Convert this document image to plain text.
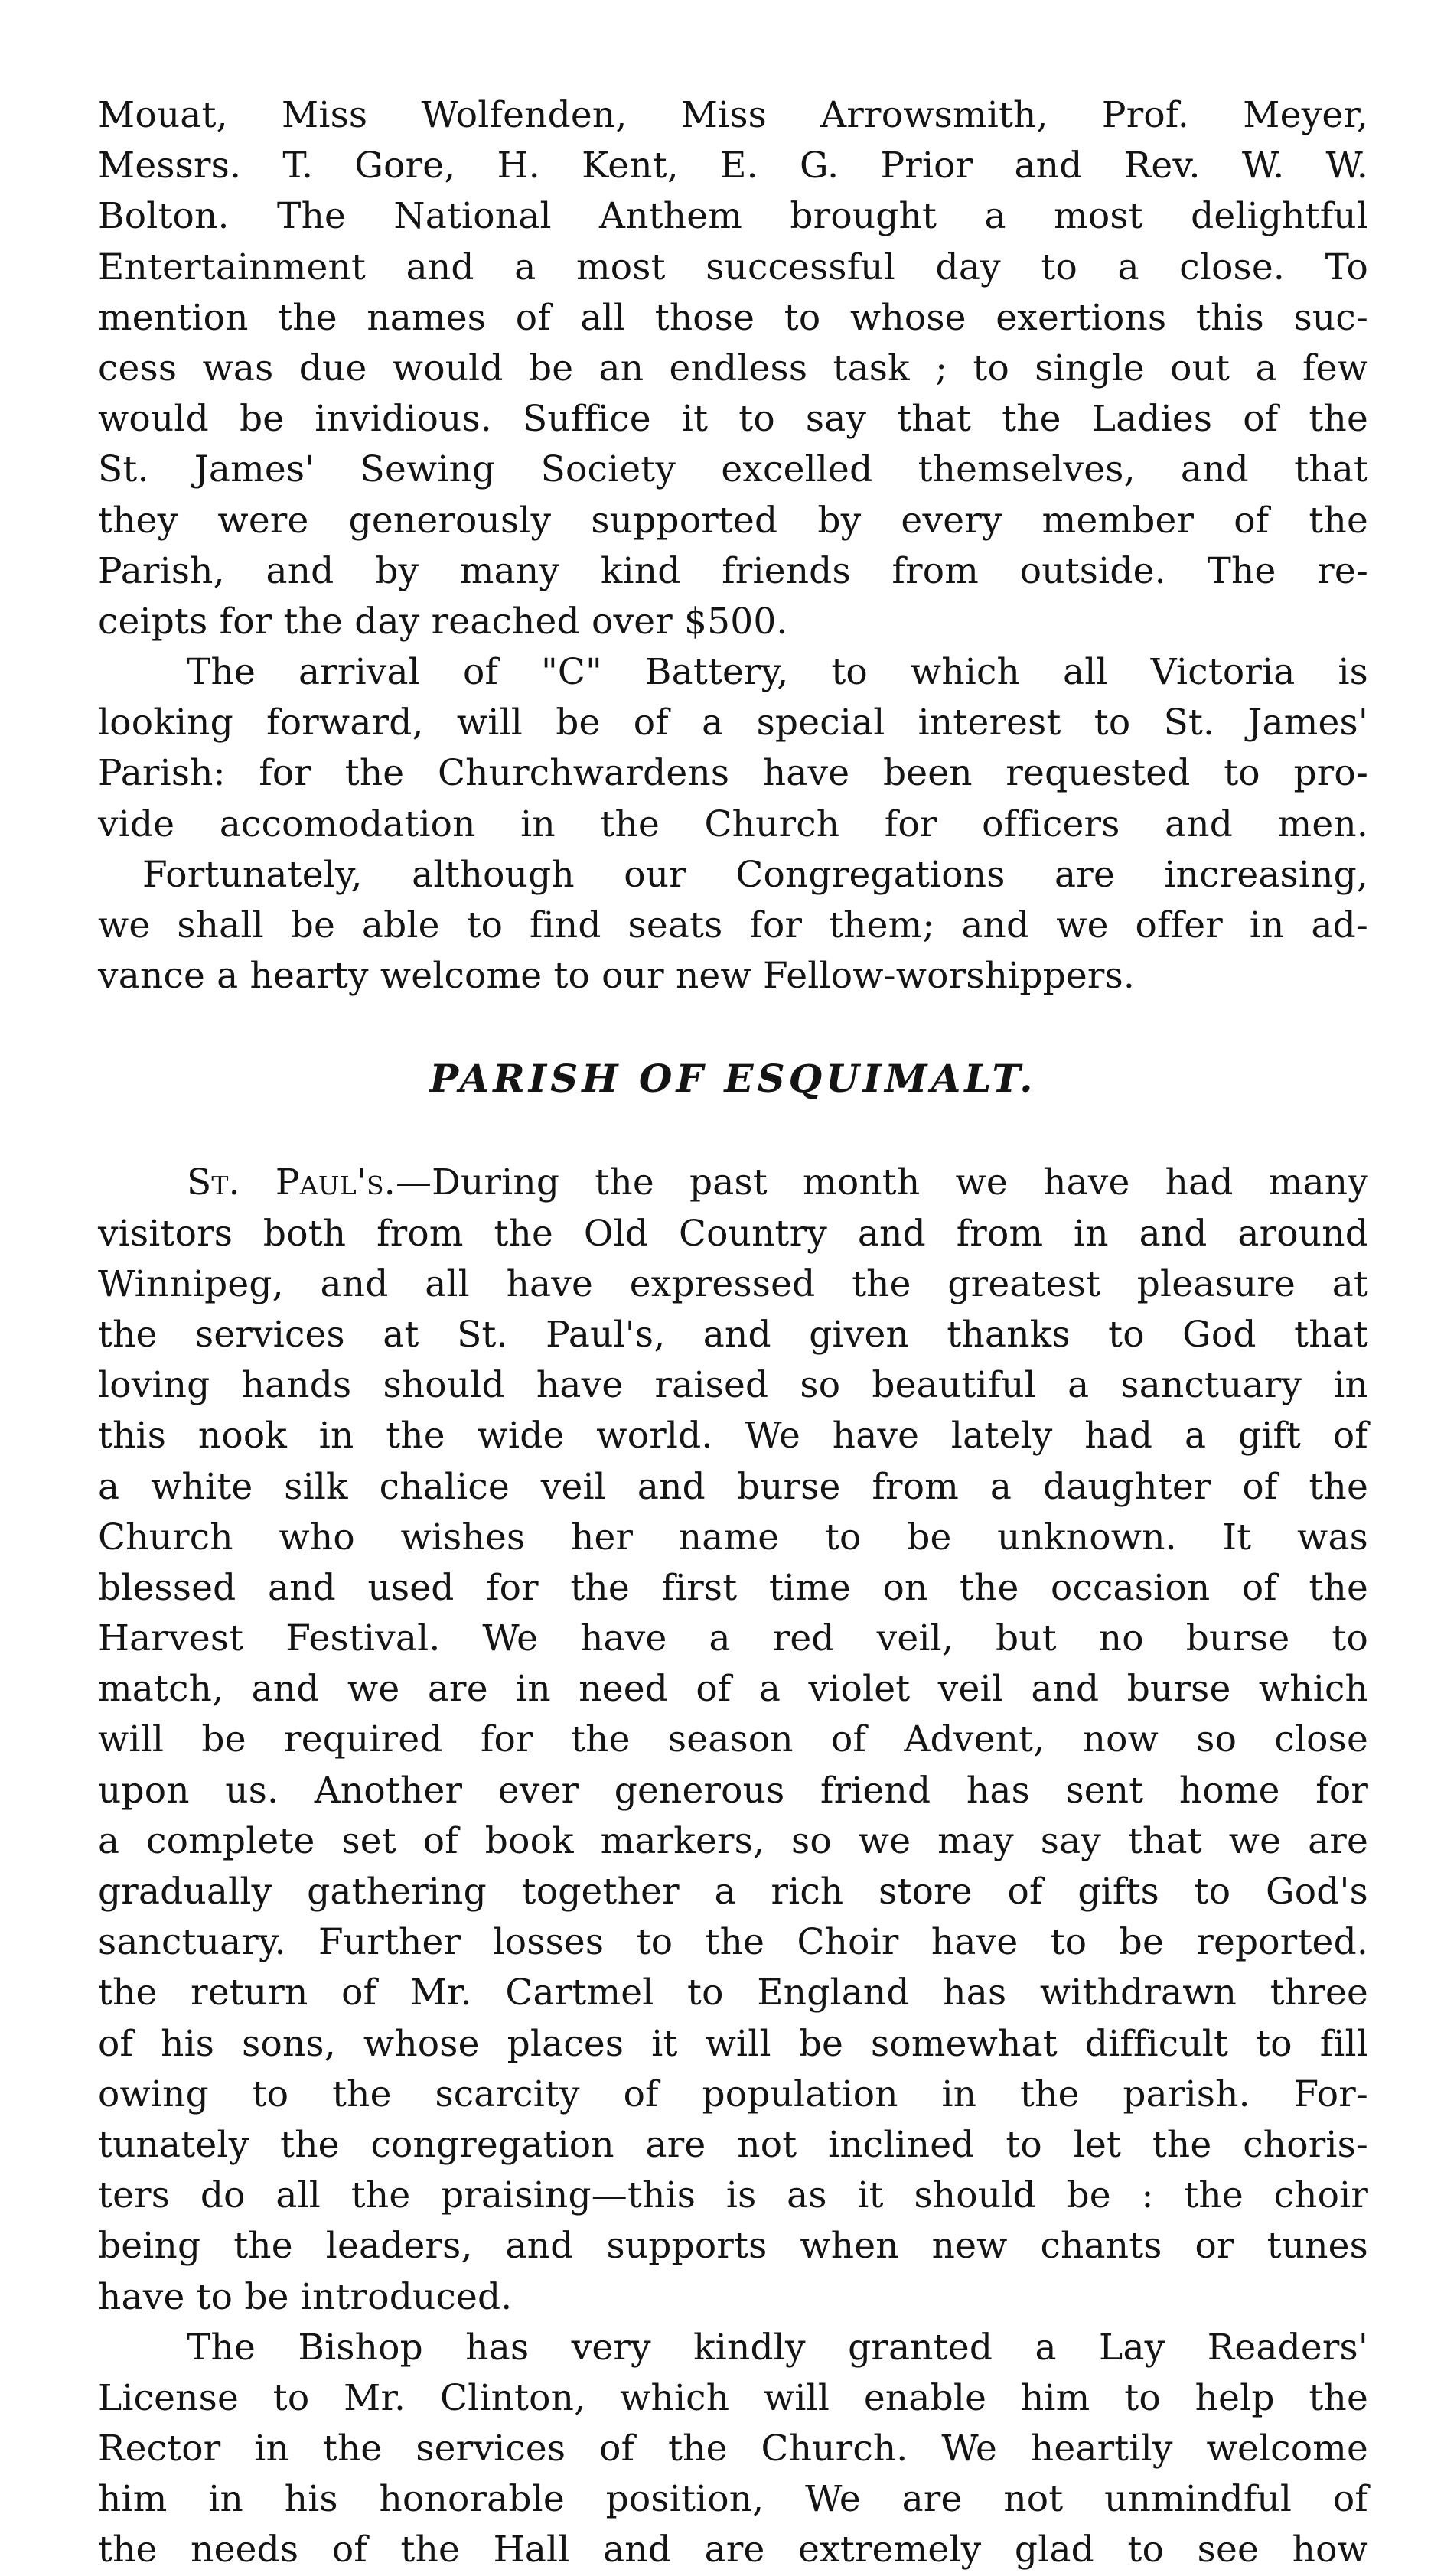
Mouat, Miss Wolfenden, Miss Arrowsmith, Prof. Meyer,
Messrs. T. Gore, H. Kent, E. G. Prior and Rev. W. W.
Bolton. The National Anthem brought a most delightful
Entertainment and a most successful day to a close. To
mention the names of all those to whose exertions this suc-
cess was due would be an endless task ; to single out a few
would be invidious. Suffice it to say that the Ladies of the
St. James' Sewing Society excelled themselves, and that
they were generously supported by every member of the
Parish, and by many kind friends from outside. The re-
ceipts for the day reached over $500.

The arrival of "C" Battery, to which all Victoria is
looking forward, will be of a special interest to St. James'
Parish: for the Churchwardens have been requested to pro-
vide accomodation in the Church for officers and men.
Fortunately, although our Congregations are increasing,
we shall be able to find seats for them; and we offer in ad-
vance a hearty welcome to our new Fellow-worshippers.

PARISH OF ESQUIMALT.

St. Paul's.—During the past month we have had many
visitors both from the Old Country and from in and around
Winnipeg, and all have expressed the greatest pleasure at
the services at St. Paul's, and given thanks to God that
loving hands should have raised so beautiful a sanctuary in
this nook in the wide world. We have lately had a gift of
a white silk chalice veil and burse from a daughter of the
Church who wishes her name to be unknown. It was
blessed and used for the first time on the occasion of the
Harvest Festival. We have a red veil, but no burse to
match, and we are in need of a violet veil and burse which
will be required for the season of Advent, now so close
upon us. Another ever generous friend has sent home for
a complete set of book markers, so we may say that we are
gradually gathering together a rich store of gifts to God's
sanctuary. Further losses to the Choir have to be reported.
the return of Mr. Cartmel to England has withdrawn three
of his sons, whose places it will be somewhat difficult to fill
owing to the scarcity of population in the parish. For-
tunately the congregation are not inclined to let the choris-
ters do all the praising—this is as it should be : the choir
being the leaders, and supports when new chants or tunes
have to be introduced.

The Bishop has very kindly granted a Lay Readers'
License to Mr. Clinton, which will enable him to help the
Rector in the services of the Church. We heartily welcome
him in his honorable position, We are not unmindful of
the needs of the Hall and are extremely glad to see how
